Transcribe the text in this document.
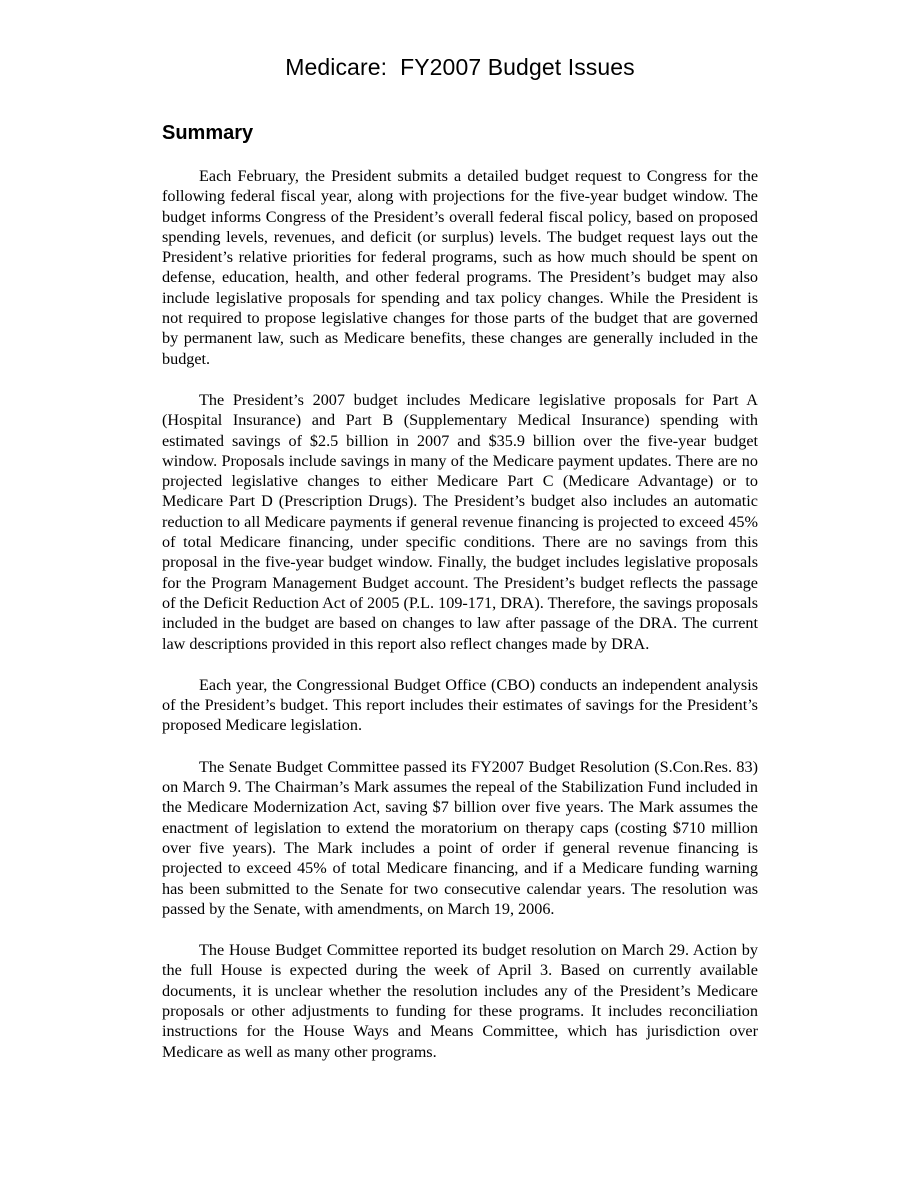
Medicare:  FY2007 Budget Issues
Summary

Each February, the President submits a detailed budget request to Congress for the following federal fiscal year, along with projections for the five-year budget window. The budget informs Congress of the President’s overall federal fiscal policy, based on proposed spending levels, revenues, and deficit (or surplus) levels. The budget request lays out the President’s relative priorities for federal programs, such as how much should be spent on defense, education, health, and other federal programs. The President’s budget may also include legislative proposals for spending and tax policy changes. While the President is not required to propose legislative changes for those parts of the budget that are governed by permanent law, such as Medicare benefits, these changes are generally included in the budget.

The President’s 2007 budget includes Medicare legislative proposals for Part A (Hospital Insurance) and Part B (Supplementary Medical Insurance) spending with estimated savings of $2.5 billion in 2007 and $35.9 billion over the five-year budget window. Proposals include savings in many of the Medicare payment updates. There are no projected legislative changes to either Medicare Part C (Medicare Advantage) or to Medicare Part D (Prescription Drugs). The President’s budget also includes an automatic reduction to all Medicare payments if general revenue financing is projected to exceed 45% of total Medicare financing, under specific conditions. There are no savings from this proposal in the five-year budget window. Finally, the budget includes legislative proposals for the Program Management Budget account. The President’s budget reflects the passage of the Deficit Reduction Act of 2005 (P.L. 109-171, DRA). Therefore, the savings proposals included in the budget are based on changes to law after passage of the DRA. The current law descriptions provided in this report also reflect changes made by DRA.

Each year, the Congressional Budget Office (CBO) conducts an independent analysis of the President’s budget. This report includes their estimates of savings for the President’s proposed Medicare legislation.

The Senate Budget Committee passed its FY2007 Budget Resolution (S.Con.Res. 83) on March 9. The Chairman’s Mark assumes the repeal of the Stabilization Fund included in the Medicare Modernization Act, saving $7 billion over five years. The Mark assumes the enactment of legislation to extend the moratorium on therapy caps (costing $710 million over five years). The Mark includes a point of order if general revenue financing is projected to exceed 45% of total Medicare financing, and if a Medicare funding warning has been submitted to the Senate for two consecutive calendar years. The resolution was passed by the Senate, with amendments, on March 19, 2006.

The House Budget Committee reported its budget resolution on March 29. Action by the full House is expected during the week of April 3. Based on currently available documents, it is unclear whether the resolution includes any of the President’s Medicare proposals or other adjustments to funding for these programs. It includes reconciliation instructions for the House Ways and Means Committee, which has jurisdiction over Medicare as well as many other programs.
